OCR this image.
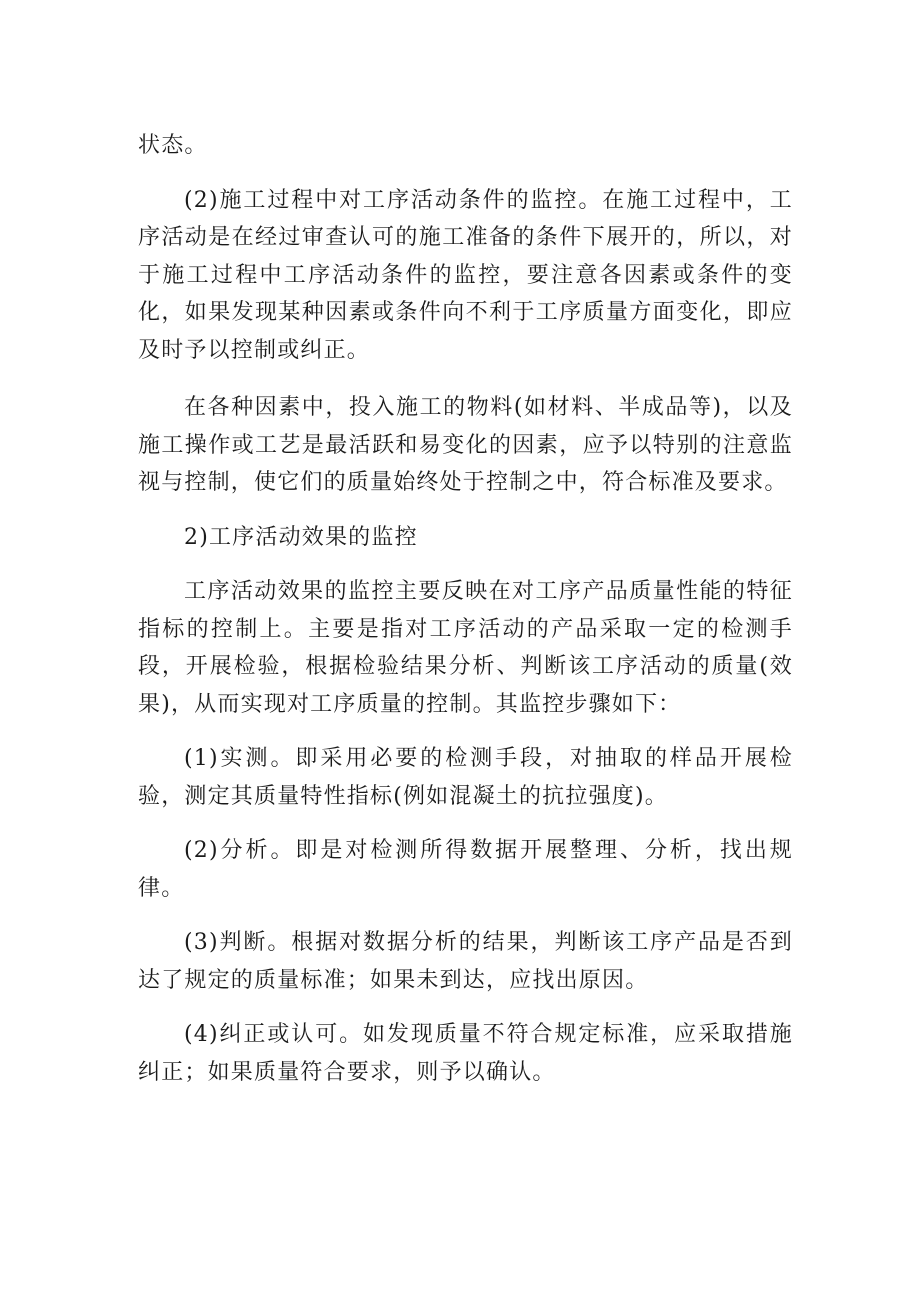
状态。

(2)施工过程中对工序活动条件的监控。在施工过程中，工序活动是在经过审查认可的施工准备的条件下展开的，所以，对于施工过程中工序活动条件的监控，要注意各因素或条件的变化，如果发现某种因素或条件向不利于工序质量方面变化，即应及时予以控制或纠正。

在各种因素中，投入施工的物料(如材料、半成品等)，以及施工操作或工艺是最活跃和易变化的因素，应予以特别的注意监视与控制，使它们的质量始终处于控制之中，符合标准及要求。

2)工序活动效果的监控

工序活动效果的监控主要反映在对工序产品质量性能的特征指标的控制上。主要是指对工序活动的产品采取一定的检测手段，开展检验，根据检验结果分析、判断该工序活动的质量(效果)，从而实现对工序质量的控制。其监控步骤如下：

(1)实测。即采用必要的检测手段，对抽取的样品开展检验，测定其质量特性指标(例如混凝土的抗拉强度)。

(2)分析。即是对检测所得数据开展整理、分析，找出规律。

(3)判断。根据对数据分析的结果，判断该工序产品是否到达了规定的质量标准；如果未到达，应找出原因。

(4)纠正或认可。如发现质量不符合规定标准，应采取措施纠正；如果质量符合要求，则予以确认。
